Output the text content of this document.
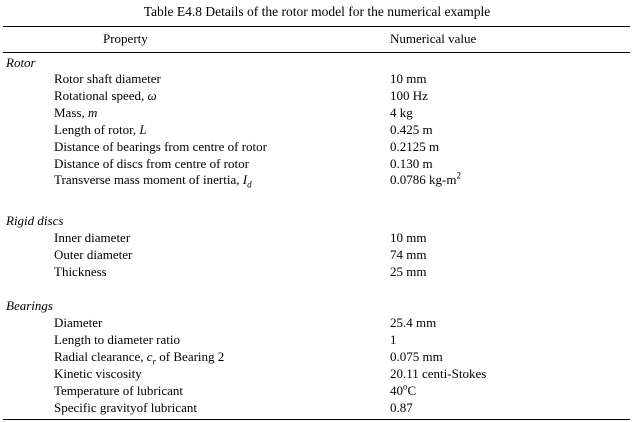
Table E4.8 Details of the rotor model for the numerical example
Property	Numerical value
Rotor
Rotor shaft diameter	10 mm
Rotational speed, ω	100 Hz
Mass, m	4 kg
Length of rotor, L	0.425 m
Distance of bearings from centre of rotor	0.2125 m
Distance of discs from centre of rotor	0.130 m
Transverse mass moment of inertia, $I_d$	0.0786 $kg-m^2$
Rigid discs
Inner diameter	10 mm
Outer diameter	74 mm
Thickness	25 mm
Bearings
Diameter	25.4 mm
Length to diameter ratio	1
Radial clearance, $c_r$ of Bearing 2	0.075 mm
Kinetic viscosity	20.11 centi-Stokes
Temperature of lubricant	40$^o$C
Specific gravityof lubricant	0.87
